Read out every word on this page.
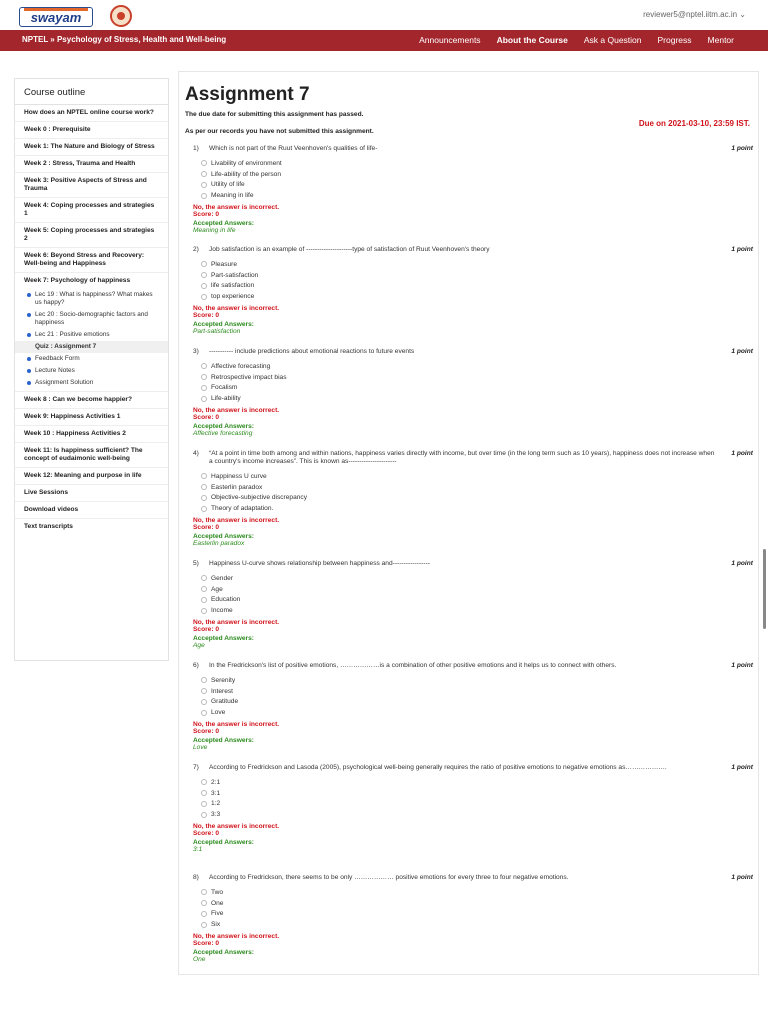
swayam	reviewer5@nptel.iitm.ac.in ⌄
NPTEL » Psychology of Stress, Health and Well-being	Announcements About the Course Ask a Question Progress Mentor
Course outline
How does an NPTEL online course work?
Week 0 : Prerequisite
Week 1: The Nature and Biology of Stress
Week 2 : Stress, Trauma and Health
Week 3: Positive Aspects of Stress and Trauma
Week 4: Coping processes and strategies 1
Week 5: Coping processes and strategies 2
Week 6: Beyond Stress and Recovery: Well-being and Happiness
Week 7: Psychology of happiness
Lec 19 : What is happiness? What makes us happy?
Lec 20 : Socio-demographic factors and happiness
Lec 21 : Positive emotions
Quiz : Assignment 7
Feedback Form
Lecture Notes
Assignment Solution
Week 8 : Can we become happier?
Week 9: Happiness Activities 1
Week 10 : Happiness Activities 2
Week 11: Is happiness sufficient? The concept of eudaimonic well-being
Week 12: Meaning and purpose in life
Live Sessions
Download videos
Text transcripts
Assignment 7
The due date for submitting this assignment has passed.
Due on 2021-03-10, 23:59 IST.
As per our records you have not submitted this assignment.
1)	Which is not part of the Ruut Veenhoven's qualities of life-	1 point
Livability of environment
Life-ability of the person
Utility of life
Meaning in life
No, the answer is incorrect.
Score: 0
Accepted Answers:
Meaning in life
2)	Job satisfaction is an example of ---------------------type of satisfaction of Ruut Veenhoven's theory	1 point
Pleasure
Part-satisfaction
life satisfaction
top experience
No, the answer is incorrect.
Score: 0
Accepted Answers:
Part-satisfaction
3)	----------- include predictions about emotional reactions to future events	1 point
Affective forecasting
Retrospective impact bias
Focalism
Life-ability
No, the answer is incorrect.
Score: 0
Accepted Answers:
Affective forecasting
4)	“At a point in time both among and within nations, happiness varies directly with income, but over time (in the long term such as 10 years), happiness does not increase when a country's income increases”. This is known as----------------------
1 point
Happiness U curve
Easterlin paradox
Objective-subjective discrepancy
Theory of adaptation.
No, the answer is incorrect.
Score: 0
Accepted Answers:
Easterlin paradox
5)	Happiness U-curve shows relationship between happiness and-----------------	1 point
Gender
Age
Education
Income
No, the answer is incorrect.
Score: 0
Accepted Answers:
Age
6)	In the Fredrickson's list of positive emotions, ………………is a combination of other positive emotions and it helps us to connect with others.	1 point
Serenity
Interest
Gratitude
Love
No, the answer is incorrect.
Score: 0
Accepted Answers:
Love
7)	According to Fredrickson and Lasoda (2005), psychological well-being generally requires the ratio of positive emotions to negative emotions as……………….	1 point
2:1
3:1
1:2
3:3
No, the answer is incorrect.
Score: 0
Accepted Answers:
3:1
8)	According to Fredrickson, there seems to be only ……………… positive emotions for every three to four negative emotions.	1 point
Two
One
Five
Six
No, the answer is incorrect.
Score: 0
Accepted Answers:
One
